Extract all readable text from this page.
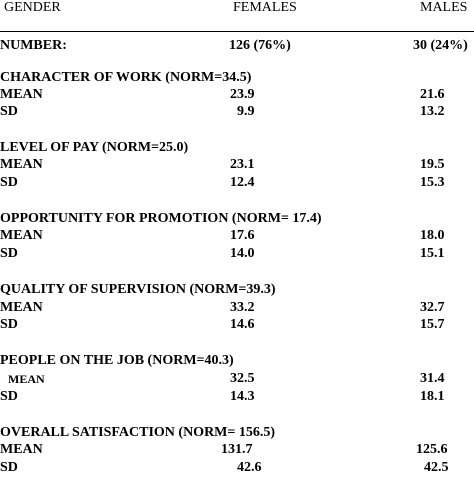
GENDER	FEMALES	MALES
NUMBER:	126 (76%)	30 (24%)
CHARACTER OF WORK (NORM=34.5)
MEAN	23.9	21.6
SD	9.9	13.2
LEVEL OF PAY (NORM=25.0)
MEAN	23.1	19.5
SD	12.4	15.3
OPPORTUNITY FOR PROMOTION (NORM= 17.4)
MEAN	17.6	18.0
SD	14.0	15.1
QUALITY OF SUPERVISION (NORM=39.3)
MEAN	33.2	32.7
SD	14.6	15.7
PEOPLE ON THE JOB (NORM=40.3)
MEAN	32.5	31.4
SD	14.3	18.1
OVERALL SATISFACTION (NORM= 156.5)
MEAN	131.7	125.6
SD	42.6	42.5
